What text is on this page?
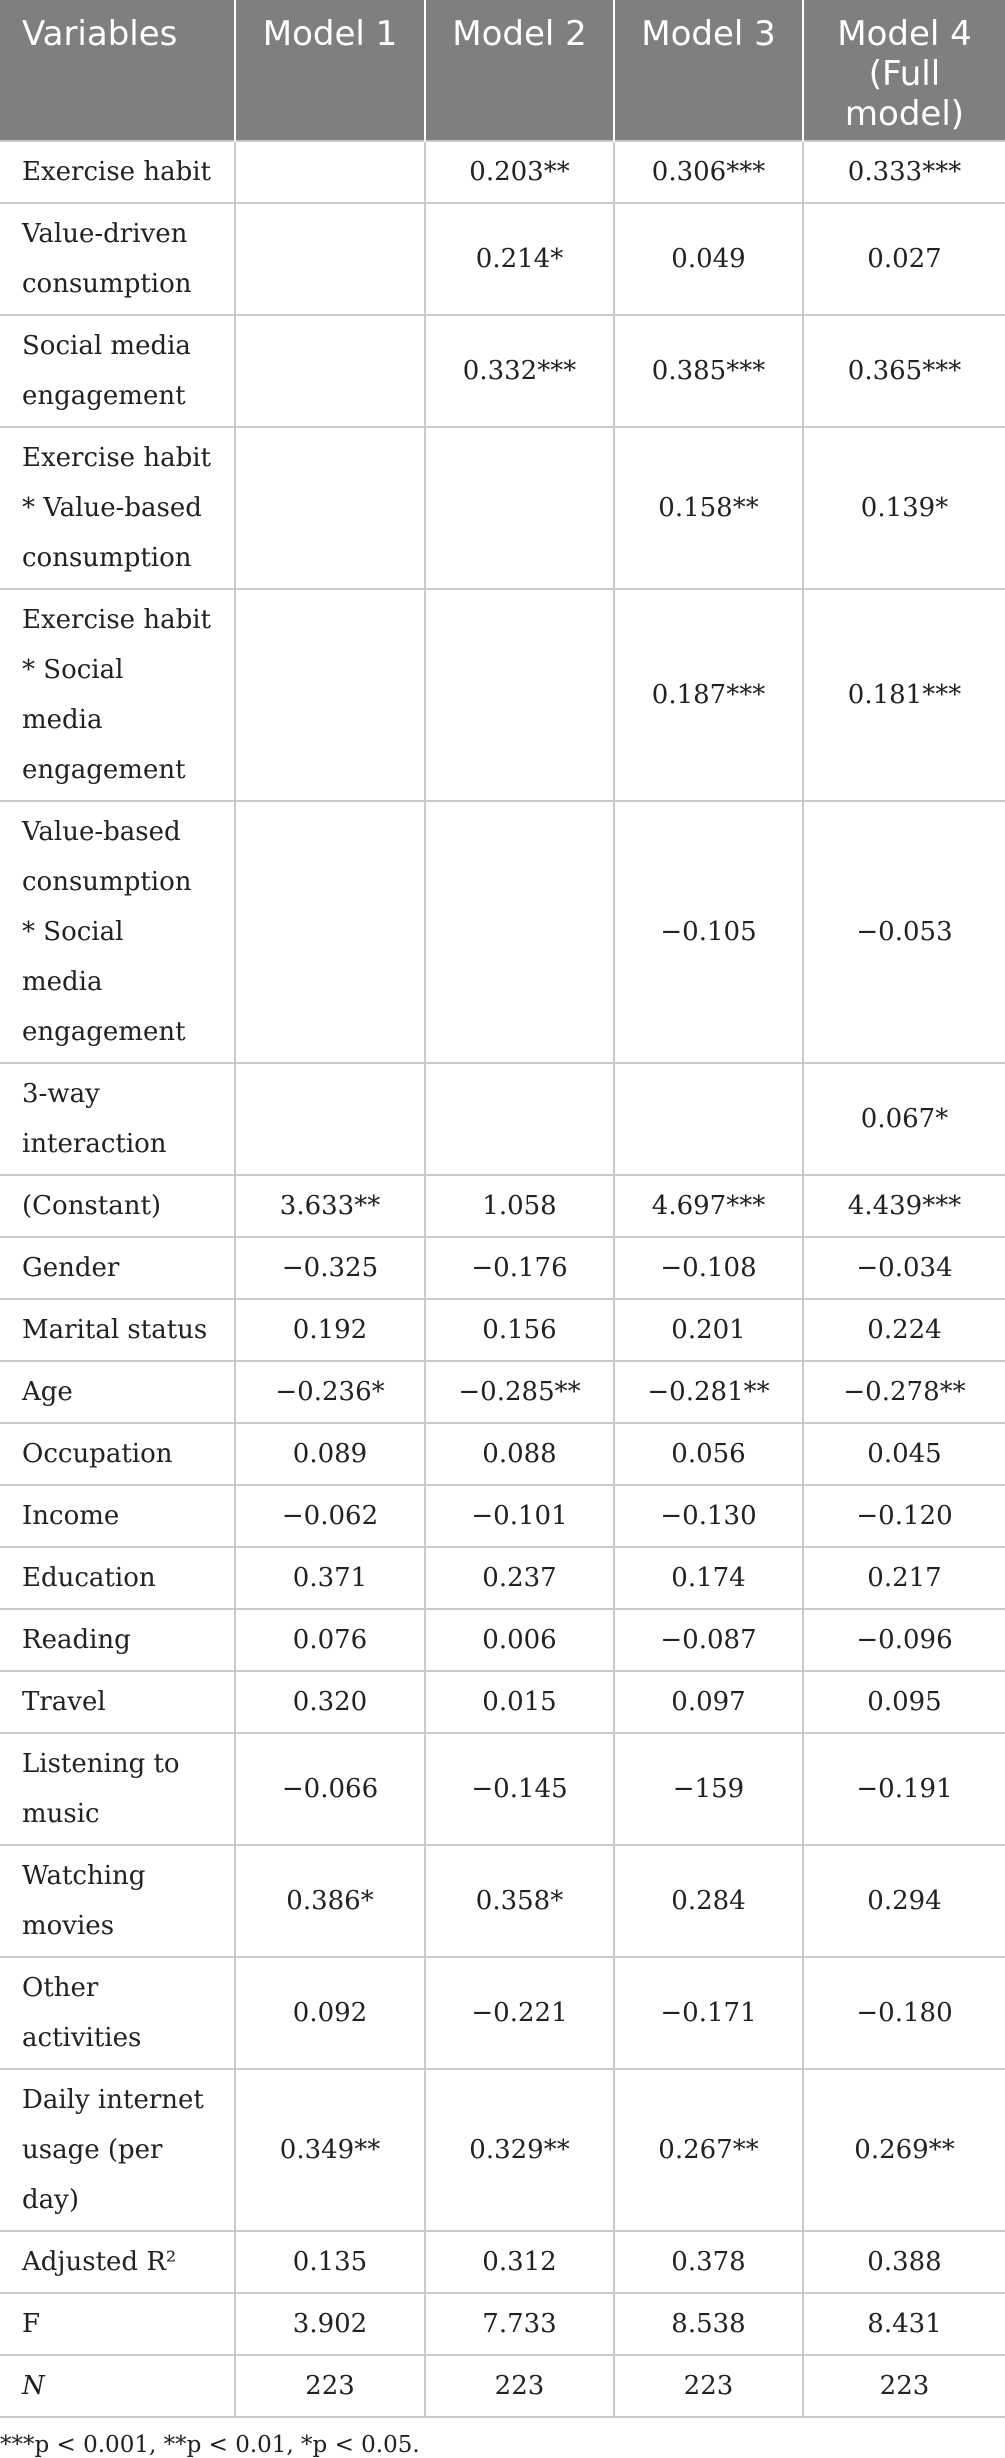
Variables	Model 1	Model 2	Model 3	Model 4 (Full model)
Exercise habit		0.203**	0.306***	0.333***
Value-driven consumption		0.214*	0.049	0.027
Social media engagement		0.332***	0.385***	0.365***
Exercise habit * Value-based consumption			0.158**	0.139*
Exercise habit * Social media engagement			0.187***	0.181***
Value-based consumption * Social media engagement			−0.105	−0.053
3-way interaction				0.067*
(Constant)	3.633**	1.058	4.697***	4.439***
Gender	−0.325	−0.176	−0.108	−0.034
Marital status	0.192	0.156	0.201	0.224
Age	−0.236*	−0.285**	−0.281**	−0.278**
Occupation	0.089	0.088	0.056	0.045
Income	−0.062	−0.101	−0.130	−0.120
Education	0.371	0.237	0.174	0.217
Reading	0.076	0.006	−0.087	−0.096
Travel	0.320	0.015	0.097	0.095
Listening to music	−0.066	−0.145	−159	−0.191
Watching movies	0.386*	0.358*	0.284	0.294
Other activities	0.092	−0.221	−0.171	−0.180
Daily internet usage (per day)	0.349**	0.329**	0.267**	0.269**
Adjusted R²	0.135	0.312	0.378	0.388
F	3.902	7.733	8.538	8.431
N	223	223	223	223
***p < 0.001, **p < 0.01, *p < 0.05.
